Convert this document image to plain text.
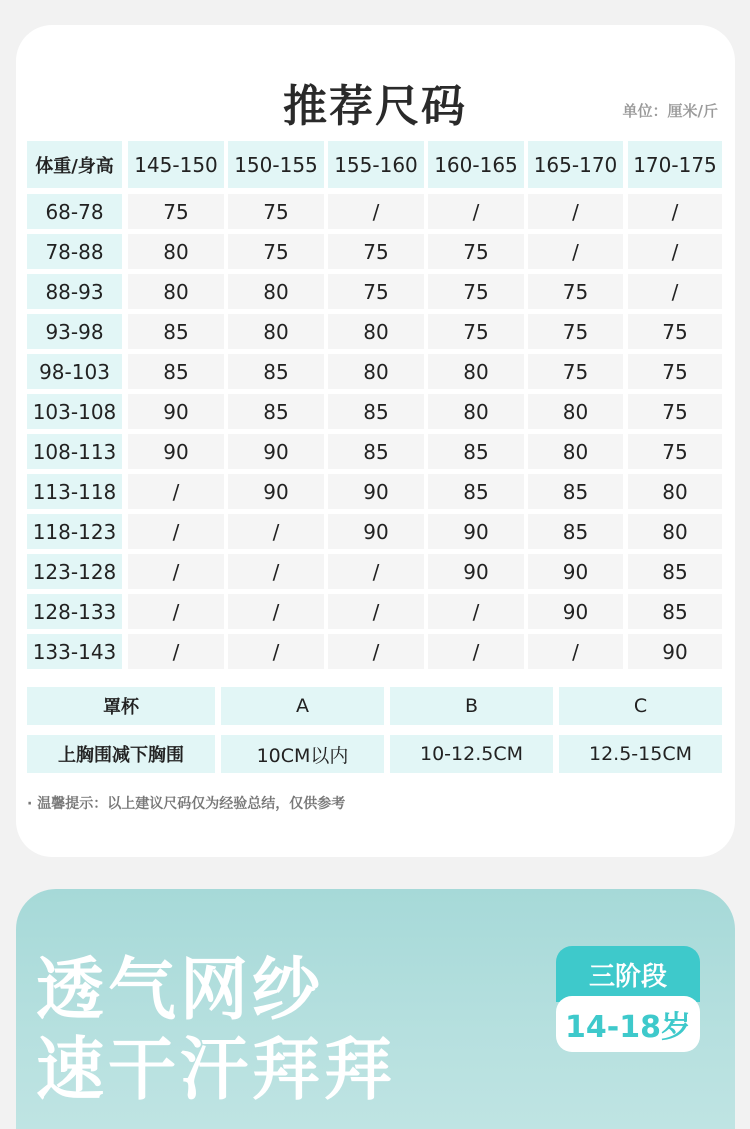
推荐尺码	单位：厘米/斤
体重/身高	145-150 150-155 155-160 160-165 165-170 170-175
68-78	75	75	/	/	/	/
78-88	80	75	75	75	/	/
88-93	80	80	75	75	75	/
93-98	85	80	80	75	75	75
98-103	85	85	80	80	75	75
103-108	90	85	85	80	80	75
108-113	90	90	85	85	80	75
113-118	/	90	90	85	85	80
118-123	/	/	90	90	85	80
123-128	/	/	/	90	90	85
128-133	/	/	/	/	90	85
133-143	/	/	/	/	/	90
罩杯	A	B	C
上胸围减下胸围	10CM以内	10-12.5CM	12.5-15CM
· 温馨提示：以上建议尺码仅为经验总结，仅供参考
透气网纱
速干汗拜拜
三阶段
14-18岁
